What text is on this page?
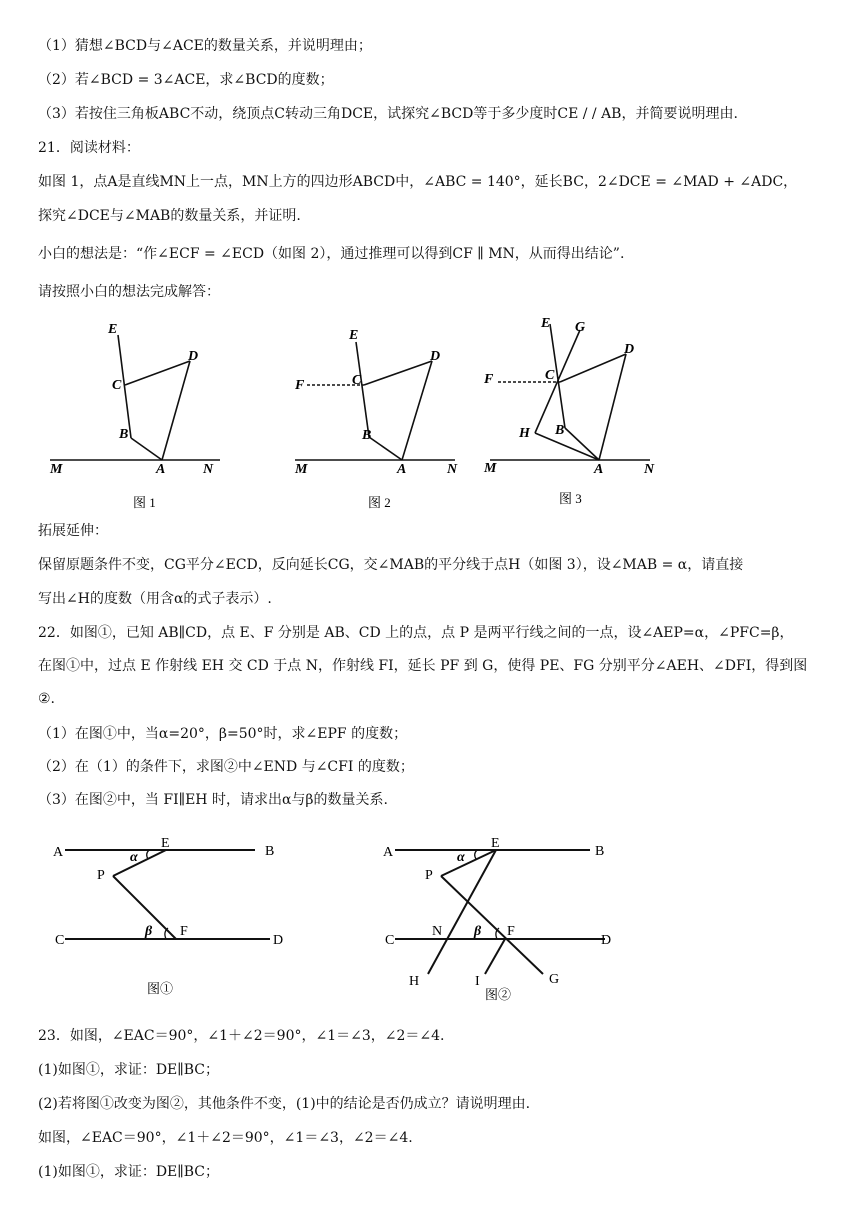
（1）猜想∠BCD与∠ACE的数量关系，并说明理由；
（2）若∠BCD = 3∠ACE，求∠BCD的度数；
（3）若按住三角板ABC不动，绕顶点C转动三角DCE，试探究∠BCD等于多少度时CE / / AB，并简要说明理由.
21．阅读材料：
如图 1，点A是直线MN上一点，MN上方的四边形ABCD中，∠ABC = 140°，延长BC，2∠DCE = ∠MAD + ∠ADC，
探究∠DCE与∠MAB的数量关系，并证明.
小白的想法是：“作∠ECF = ∠ECD（如图 2），通过推理可以得到CF ∥ MN，从而得出结论”.
请按照小白的想法完成解答：
E
C
D
B
M	A	N
图 1
E
F	C
D
B
M	A	N
图 2
E G
F	C
D
H B
M	A	N
图 3
拓展延伸：
保留原题条件不变，CG平分∠ECD，反向延长CG，交∠MAB的平分线于点H（如图 3），设∠MAB = α，请直接
写出∠H的度数（用含α的式子表示）.
22．如图①，已知 AB∥CD，点 E、F 分别是 AB、CD 上的点，点 P 是两平行线之间的一点，设∠AEP=α，∠PFC=β，
在图①中，过点 E 作射线 EH 交 CD 于点 N，作射线 FI，延长 PF 到 G，使得 PE、FG 分别平分∠AEH、∠DFI，得到图
②.
（1）在图①中，当α=20°，β=50°时，求∠EPF 的度数；
（2）在（1）的条件下，求图②中∠END 与∠CFI 的度数；
（3）在图②中，当 FI∥EH 时，请求出α与β的数量关系.
A
E
B
α
P
β
C
F
D
图①
A
E
B
α
P
C
N β F
D
H	I	G
图②
23．如图，∠EAC＝90°，∠1＋∠2＝90°，∠1＝∠3，∠2＝∠4.
(1)如图①，求证：DE∥BC；
(2)若将图①改变为图②，其他条件不变，(1)中的结论是否仍成立？请说明理由.
如图，∠EAC＝90°，∠1＋∠2＝90°，∠1＝∠3，∠2＝∠4.
(1)如图①，求证：DE∥BC；
